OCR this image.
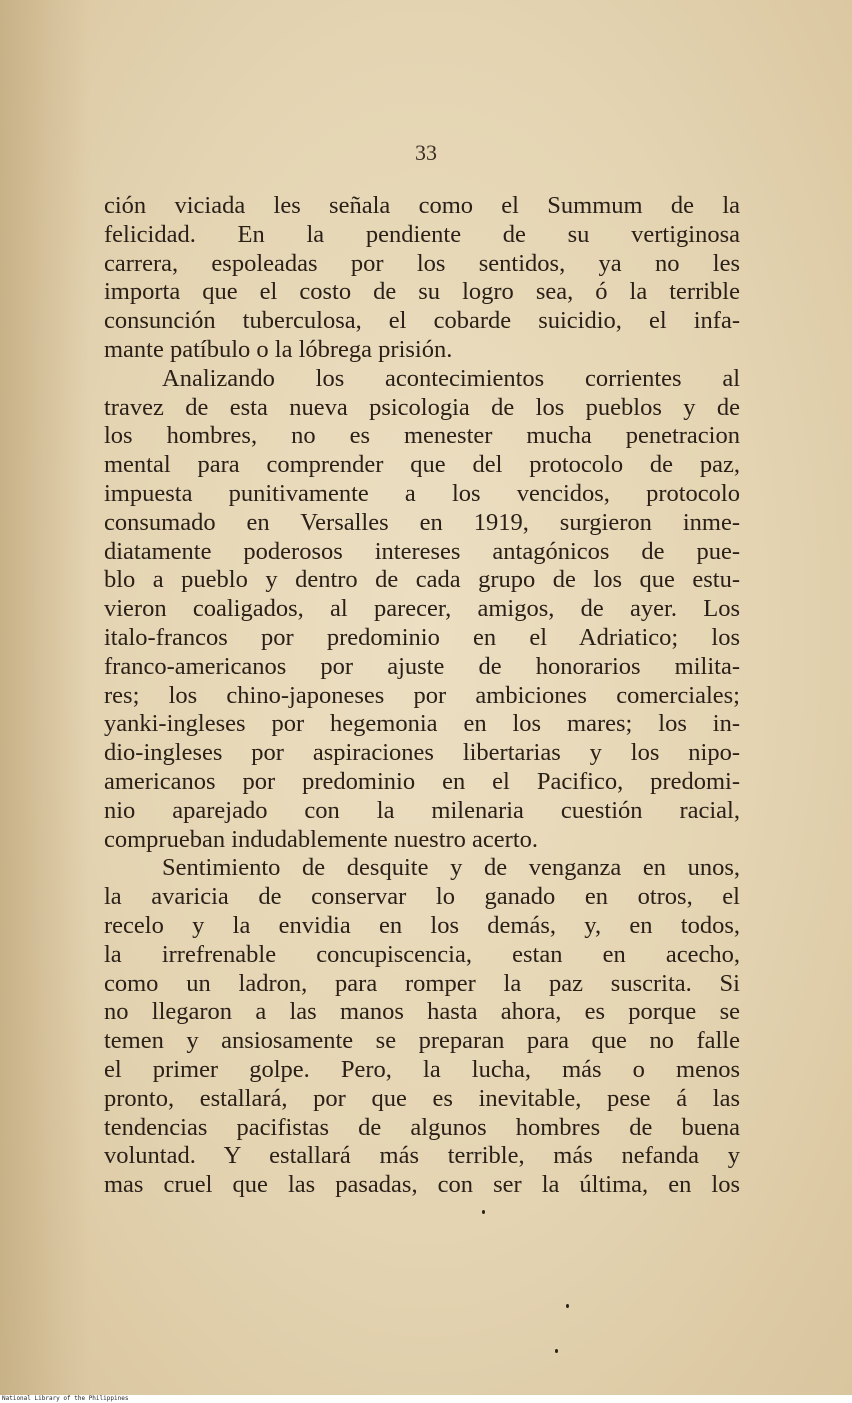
33

ción viciada les señala como el Summum de la
felicidad. En la pendiente de su vertiginosa
carrera, espoleadas por los sentidos, ya no les
importa que el costo de su logro sea, ó la terrible
consunción tuberculosa, el cobarde suicidio, el infa-
mante patíbulo o la lóbrega prisión.
Analizando los acontecimientos corrientes al
travez de esta nueva psicologia de los pueblos y de
los hombres, no es menester mucha penetracion
mental para comprender que del protocolo de paz,
impuesta punitivamente a los vencidos, protocolo
consumado en Versalles en 1919, surgieron inme-
diatamente poderosos intereses antagónicos de pue-
blo a pueblo y dentro de cada grupo de los que estu-
vieron coaligados, al parecer, amigos, de ayer. Los
italo-francos por predominio en el Adriatico; los
franco-americanos por ajuste de honorarios milita-
res; los chino-japoneses por ambiciones comerciales;
yanki-ingleses por hegemonia en los mares; los in-
dio-ingleses por aspiraciones libertarias y los nipo-
americanos por predominio en el Pacifico, predomi-
nio aparejado con la milenaria cuestión racial,
comprueban indudablemente nuestro acerto.
Sentimiento de desquite y de venganza en unos,
la avaricia de conservar lo ganado en otros, el
recelo y la envidia en los demás, y, en todos,
la irrefrenable concupiscencia, estan en acecho,
como un ladron, para romper la paz suscrita. Si
no llegaron a las manos hasta ahora, es porque se
temen y ansiosamente se preparan para que no falle
el primer golpe. Pero, la lucha, más o menos
pronto, estallará, por que es inevitable, pese á las
tendencias pacifistas de algunos hombres de buena
voluntad. Y estallará más terrible, más nefanda y
mas cruel que las pasadas, con ser la última, en los
National Library of the Philippines
